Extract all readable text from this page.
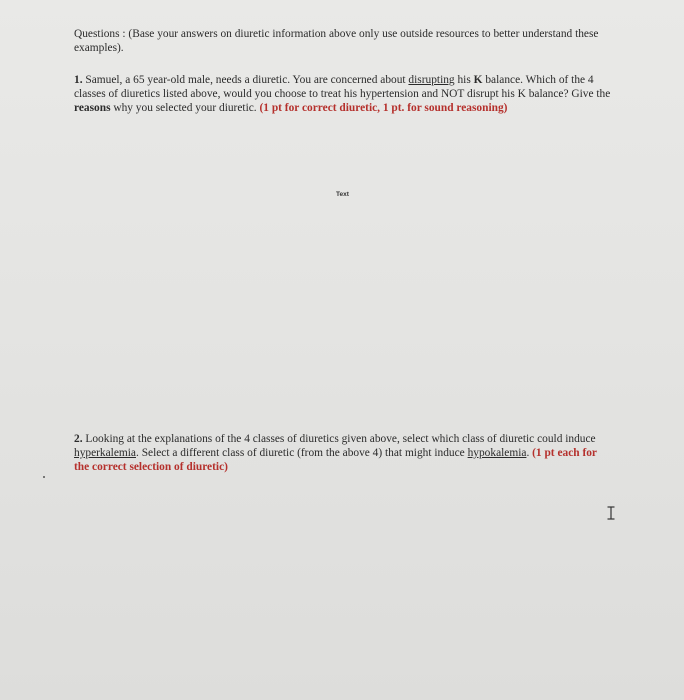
Questions : (Base your answers on diuretic information above only use outside resources to better understand these examples).
1. Samuel, a 65 year-old male, needs a diuretic. You are concerned about disrupting his K balance. Which of the 4 classes of diuretics listed above, would you choose to treat his hypertension and NOT disrupt his K balance? Give the reasons why you selected your diuretic. (1 pt for correct diuretic, 1 pt. for sound reasoning)
Text
2. Looking at the explanations of the 4 classes of diuretics given above, select which class of diuretic could induce hyperkalemia. Select a different class of diuretic (from the above 4) that might induce hypokalemia. (1 pt each for the correct selection of diuretic)
